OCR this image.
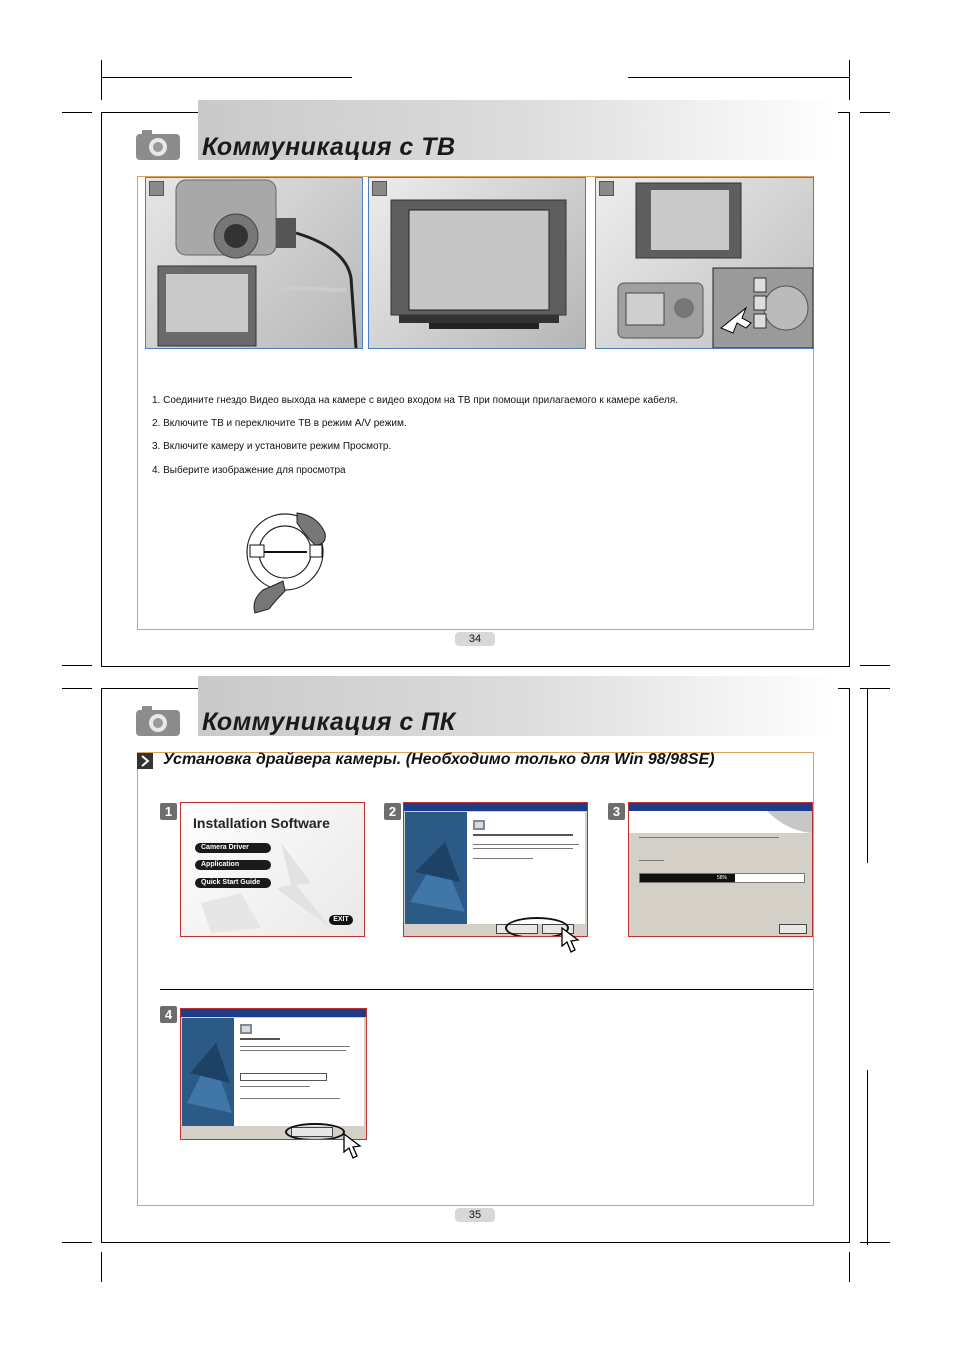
Коммуникация с ТВ
1. Соедините гнездо Видео выхода на камере с видео входом на ТВ при помощи прилагаемого к камере кабеля.
2. Включите ТВ и переключите ТВ в режим A/V режим.
3. Включите камеру и установите режим Просмотр.
4. Выберите изображение для просмотра
34
Коммуникация с ПК
Установка драйвера камеры. (Необходимо только для Win 98/98SE)
1
Installation Software
Camera Driver
Application
Quick Start Guide
EXIT
2	3
58%
4
35
